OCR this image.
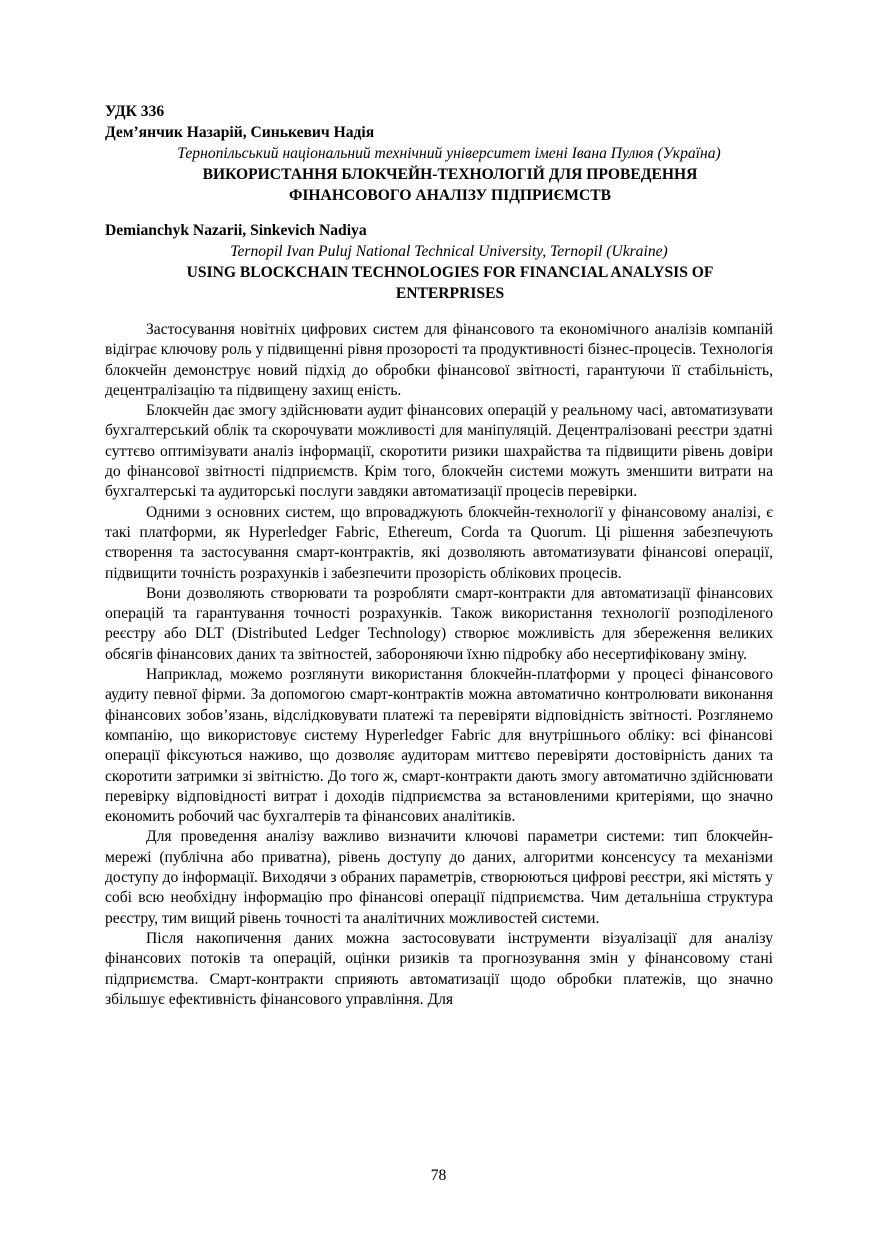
УДК 336

Дем’янчик Назарій, Синькевич Надія

Тернопільський національний технічний університет імені Івана Пулюя (Україна)

ВИКОРИСТАННЯ БЛОКЧЕЙН-ТЕХНОЛОГІЙ ДЛЯ ПРОВЕДЕННЯ

ФІНАНСОВОГО АНАЛІЗУ ПІДПРИЄМСТВ

Demianchyk Nazarii, Sinkevich Nadiya

Ternopil Ivan Puluj National Technical University, Ternopil (Ukraine)

USING BLOCKCHAIN TECHNOLOGIES FOR FINANCIAL ANALYSIS OF

ENTERPRISES

Застосування новітніх цифрових систем для фінансового та економічного аналізів компаній відіграє ключову роль у підвищенні рівня прозорості та продуктивності бізнес-процесів. Технологія блокчейн демонструє новий підхід до обробки фінансової звітності, гарантуючи її стабільність, децентралізацію та підвищену захищ еність.

Блокчейн дає змогу здійснювати аудит фінансових операцій у реальному часі, автоматизувати бухгалтерський облік та скорочувати можливості для маніпуляцій. Децентралізовані реєстри здатні суттєво оптимізувати аналіз інформації, скоротити ризики шахрайства та підвищити рівень довіри до фінансової звітності підприємств. Крім того, блокчейн системи можуть зменшити витрати на бухгалтерські та аудиторські послуги завдяки автоматизації процесів перевірки.

Одними з основних систем, що впроваджують блокчейн-технології у фінансовому аналізі, є такі платформи, як Hyperledger Fabric, Ethereum, Corda та Quorum. Ці рішення забезпечують створення та застосування смарт-контрактів, які дозволяють автоматизувати фінансові операції, підвищити точність розрахунків і забезпечити прозорість облікових процесів.

Вони дозволяють створювати та розробляти смарт-контракти для автоматизації фінансових операцій та гарантування точності розрахунків. Також використання технології розподіленого реєстру або DLT (Distributed Ledger Technology) створює можливість для збереження великих обсягів фінансових даних та звітностей, забороняючи їхню підробку або несертифіковану зміну.

Наприклад, можемо розглянути використання блокчейн-платформи у процесі фінансового аудиту певної фірми. За допомогою смарт-контрактів можна автоматично контролювати виконання фінансових зобов’язань, відслідковувати платежі та перевіряти відповідність звітності. Розглянемо компанію, що використовує систему Hyperledger Fabric для внутрішнього обліку: всі фінансові операції фіксуються наживо, що дозволяє аудиторам миттєво перевіряти достовірність даних та скоротити затримки зі звітністю. До того ж, смарт-контракти дають змогу автоматично здійснювати перевірку відповідності витрат і доходів підприємства за встановленими критеріями, що значно економить робочий час бухгалтерів та фінансових аналітиків.

Для проведення аналізу важливо визначити ключові параметри системи: тип блокчейн-мережі (публічна або приватна), рівень доступу до даних, алгоритми консенсусу та механізми доступу до інформації. Виходячи з обраних параметрів, створюються цифрові реєстри, які містять у собі всю необхідну інформацію про фінансові операції підприємства. Чим детальніша структура реєстру, тим вищий рівень точності та аналітичних можливостей системи.

Після накопичення даних можна застосовувати інструменти візуалізації для аналізу фінансових потоків та операцій, оцінки ризиків та прогнозування змін у фінансовому стані підприємства. Смарт-контракти сприяють автоматизації щодо обробки платежів, що значно збільшує ефективність фінансового управління. Для

78
